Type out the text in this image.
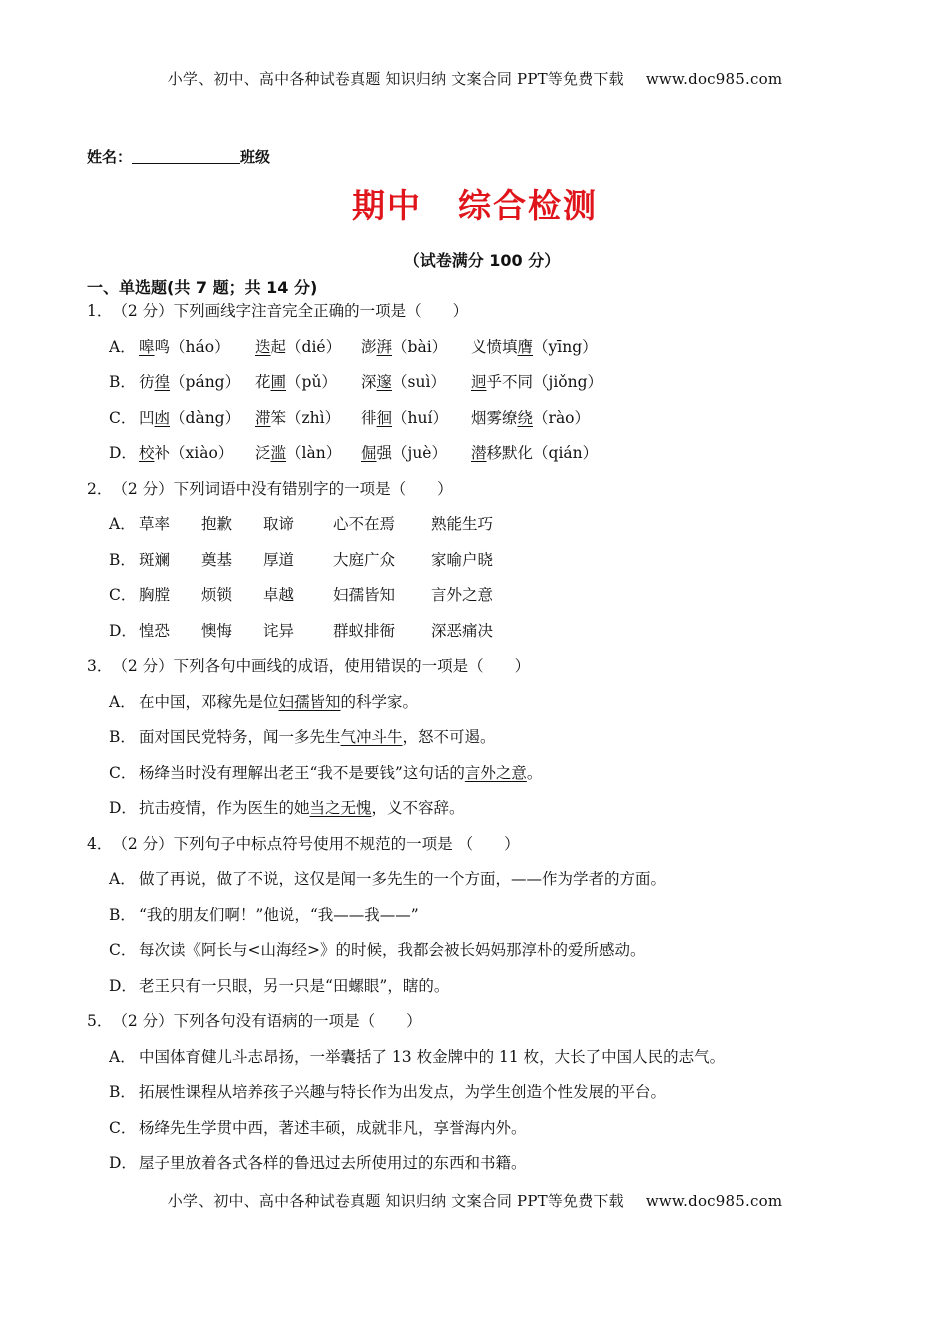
小学、初中、高中各种试卷真题 知识归纳 文案合同 PPT等免费下载 www.doc985.com
姓名：	班级
期中 综合检测
（试卷满分 100 分）
一、单选题(共 7 题；共 14 分)
1．（2 分）下列画线字注音完全正确的一项是（　　）
A． 嗥鸣（háo） 迭起（dié） 澎湃（bài） 义愤填膺（yīng）
B． 彷徨（páng） 花圃（pǔ） 深邃（suì） 迥乎不同（jiǒng）
C． 凹凼（dàng） 滞笨（zhì） 徘徊（huí） 烟雾缭绕（rào）
D． 校补（xiào） 泛滥（làn） 倔强（juè） 潜移默化（qián）
2．（2 分）下列词语中没有错别字的一项是（　　）
A． 草率 抱歉 取谛	心不在焉 熟能生巧
B． 斑斓 奠基 厚道	大庭广众 家喻户晓
C． 胸膛 烦锁 卓越	妇孺皆知 言外之意
D． 惶恐 懊悔 诧异	群蚁排衙 深恶痛决
3．（2 分）下列各句中画线的成语，使用错误的一项是（　　）
A． 在中国，邓稼先是位妇孺皆知的科学家。
B． 面对国民党特务，闻一多先生气冲斗牛，怒不可遏。
C． 杨绛当时没有理解出老王“我不是要钱”这句话的言外之意。
D． 抗击疫情，作为医生的她当之无愧，义不容辞。
4．（2 分）下列句子中标点符号使用不规范的一项是 （　　）
A． 做了再说，做了不说，这仅是闻一多先生的一个方面，——作为学者的方面。
B． “我的朋友们啊！”他说，“我——我——”
C． 每次读《阿长与<山海经>》的时候，我都会被长妈妈那淳朴的爱所感动。
D． 老王只有一只眼，另一只是“田螺眼”，瞎的。
5．（2 分）下列各句没有语病的一项是（　　）
A． 中国体育健儿斗志昂扬，一举囊括了 13 枚金牌中的 11 枚，大长了中国人民的志气。
B． 拓展性课程从培养孩子兴趣与特长作为出发点，为学生创造个性发展的平台。
C． 杨绛先生学贯中西，著述丰硕，成就非凡，享誉海内外。
D． 屋子里放着各式各样的鲁迅过去所使用过的东西和书籍。
小学、初中、高中各种试卷真题 知识归纳 文案合同 PPT等免费下载 www.doc985.com
